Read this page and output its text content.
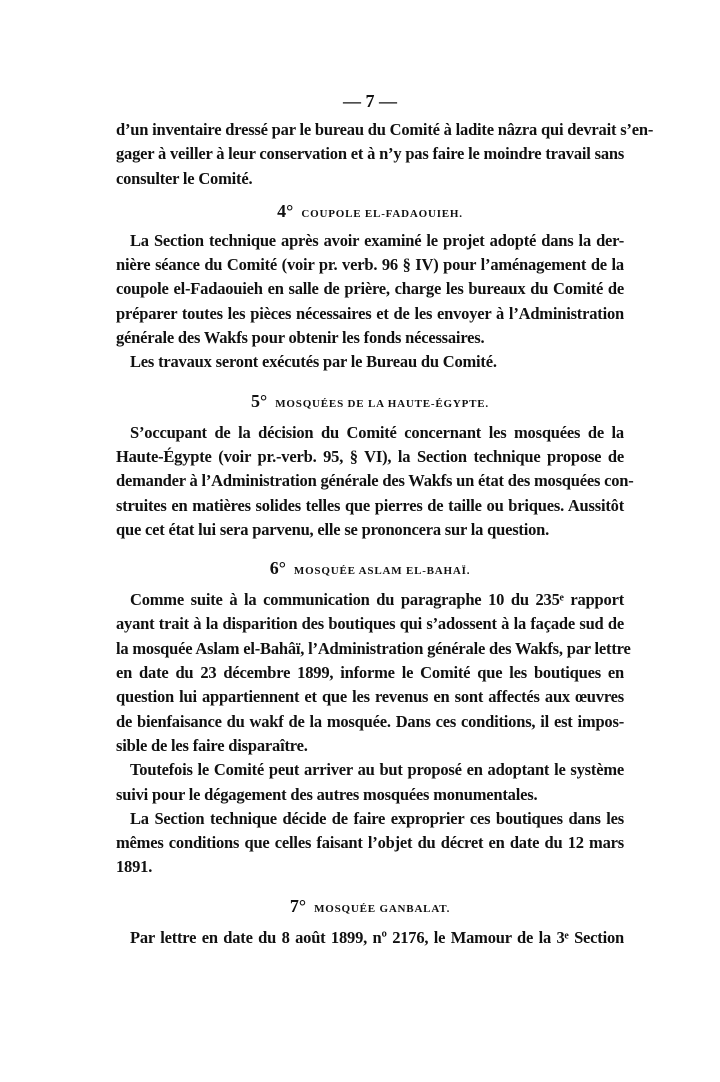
— 7 —
d’un inventaire dressé par le bureau du Comité à ladite nâzra qui devrait s’en-
gager à veiller à leur conservation et à n’y pas faire le moindre travail sans
consulter le Comité.
4° COUPOLE EL-FADAOUIEH.
La Section technique après avoir examiné le projet adopté dans la der-
nière séance du Comité (voir pr. verb. 96 § IV) pour l’aménagement de la
coupole el-Fadaouieh en salle de prière, charge les bureaux du Comité de
préparer toutes les pièces nécessaires et de les envoyer à l’Administration
générale des Wakfs pour obtenir les fonds nécessaires.
Les travaux seront exécutés par le Bureau du Comité.
5° MOSQUÉES DE LA HAUTE-ÉGYPTE.
S’occupant de la décision du Comité concernant les mosquées de la
Haute-Égypte (voir pr.-verb. 95, § VI), la Section technique propose de
demander à l’Administration générale des Wakfs un état des mosquées con-
struites en matières solides telles que pierres de taille ou briques. Aussitôt
que cet état lui sera parvenu, elle se prononcera sur la question.
6° MOSQUÉE ASLAM EL-BAHAÏ.
Comme suite à la communication du paragraphe 10 du 235ᵉ rapport
ayant trait à la disparition des boutiques qui s’adossent à la façade sud de
la mosquée Aslam el-Bahâï, l’Administration générale des Wakfs, par lettre
en date du 23 décembre 1899, informe le Comité que les boutiques en
question lui appartiennent et que les revenus en sont affectés aux œuvres
de bienfaisance du wakf de la mosquée. Dans ces conditions, il est impos-
sible de les faire disparaître.
Toutefois le Comité peut arriver au but proposé en adoptant le système
suivi pour le dégagement des autres mosquées monumentales.
La Section technique décide de faire exproprier ces boutiques dans les
mêmes conditions que celles faisant l’objet du décret en date du 12 mars
1891.
7° MOSQUÉE GANBALAT.
Par lettre en date du 8 août 1899, nº 2176, le Mamour de la 3ᵉ Section
